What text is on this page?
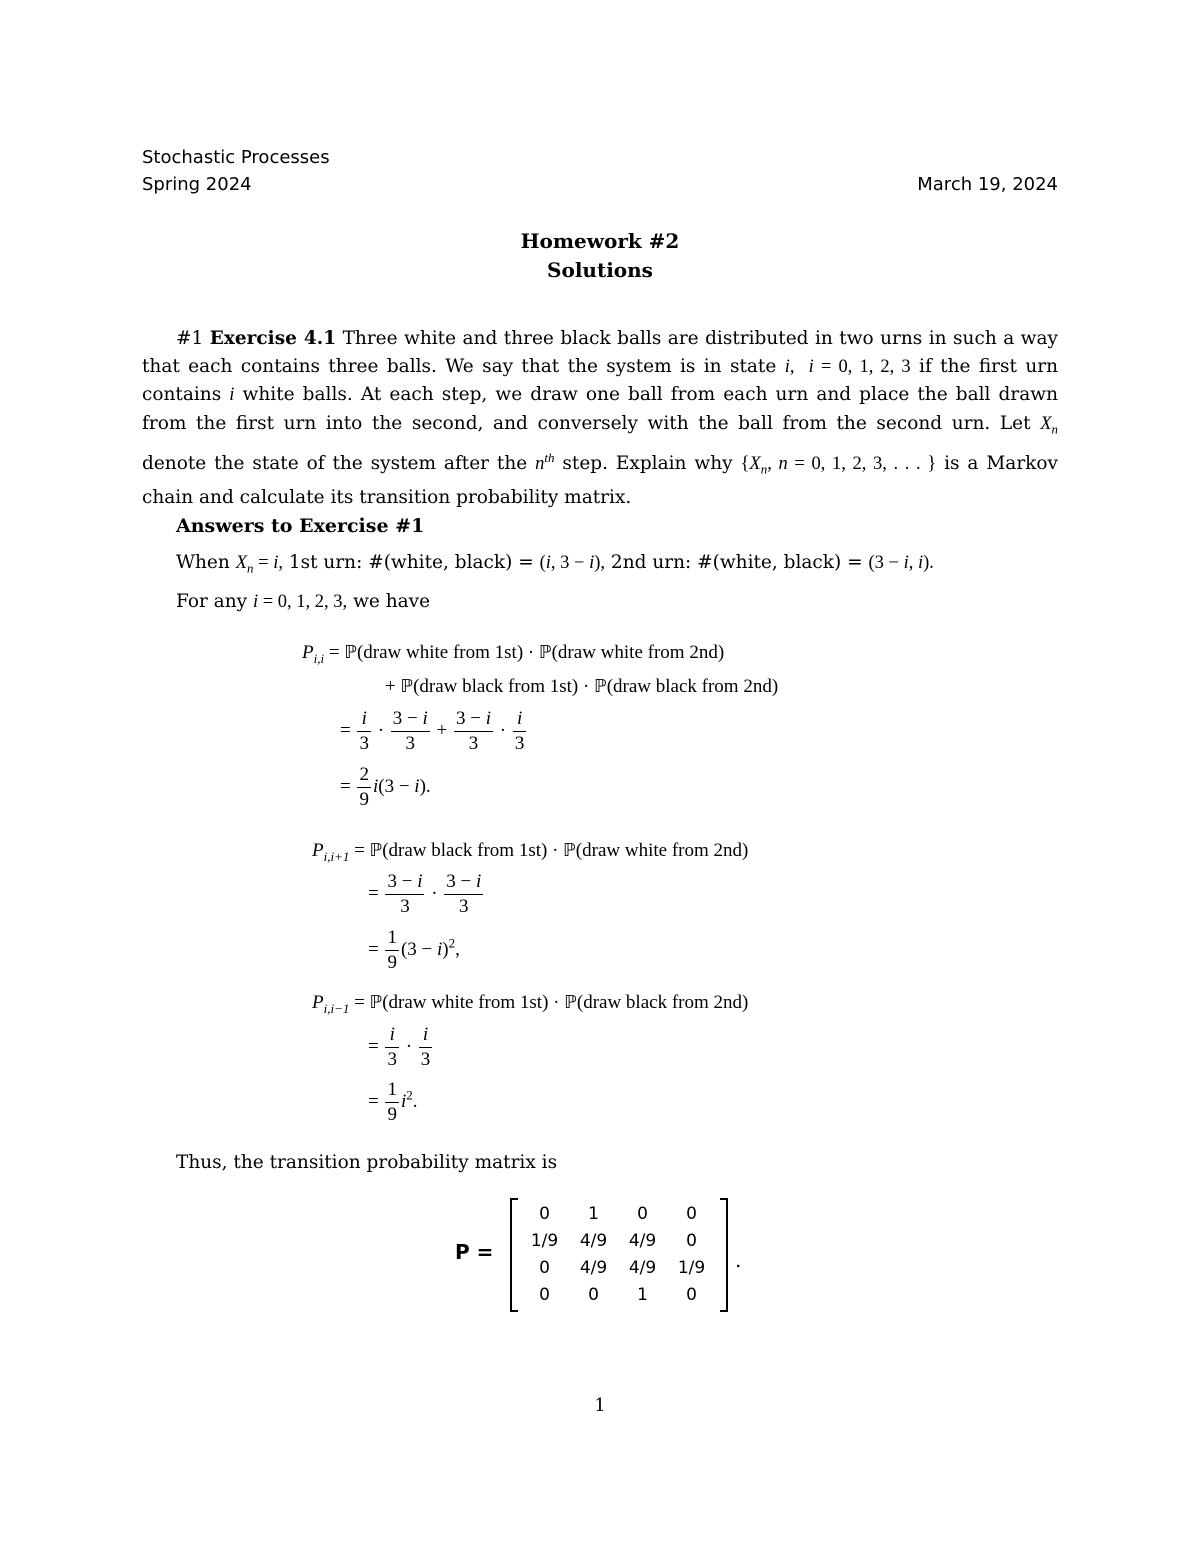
Stochastic Processes
Spring 2024	March 19, 2024
Homework #2
Solutions
#1 Exercise 4.1 Three white and three black balls are distributed in two urns in such a way that each contains three balls. We say that the system is in state i,  i = 0, 1, 2, 3 if the first urn contains i white balls. At each step, we draw one ball from each urn and place the ball drawn from the first urn into the second, and conversely with the ball from the second urn. Let $X_n$ denote the state of the system after the $n^{th}$ step. Explain why {$X_n$, n = 0, 1, 2, 3, . . . } is a Markov chain and calculate its transition probability matrix.
Answers to Exercise #1
When $X_n = i$, 1st urn: #(white, black) = (i, 3 − i), 2nd urn: #(white, black) = (3 − i, i).
For any i = 0, 1, 2, 3, we have
$P_{i,i}$ = ℙ(draw white from 1st) · ℙ(draw white from 2nd)
+ ℙ(draw black from 1st) · ℙ(draw black from 2nd)
= $\frac{i}{3} \cdot \frac{3 - i}{3} + \frac{3 - i}{3} \cdot \frac{i}{3}$
= $\frac{2}{9} i(3 - i)$.
$P_{i,i+1}$ = ℙ(draw black from 1st) · ℙ(draw white from 2nd)
= $\frac{3 - i}{3} \cdot \frac{3 - i}{3}$
= $\frac{1}{9} (3 - i)^2$,
$P_{i,i-1}$ = ℙ(draw white from 1st) · ℙ(draw black from 2nd)
= $\frac{i}{3} \cdot \frac{i}{3}$
= $\frac{1}{9} i^2$.
Thus, the transition probability matrix is
P =
0	1	0	0
1/9	4/9	4/9	0
0	4/9	4/9	1/9
0	0	1	0
.
1
